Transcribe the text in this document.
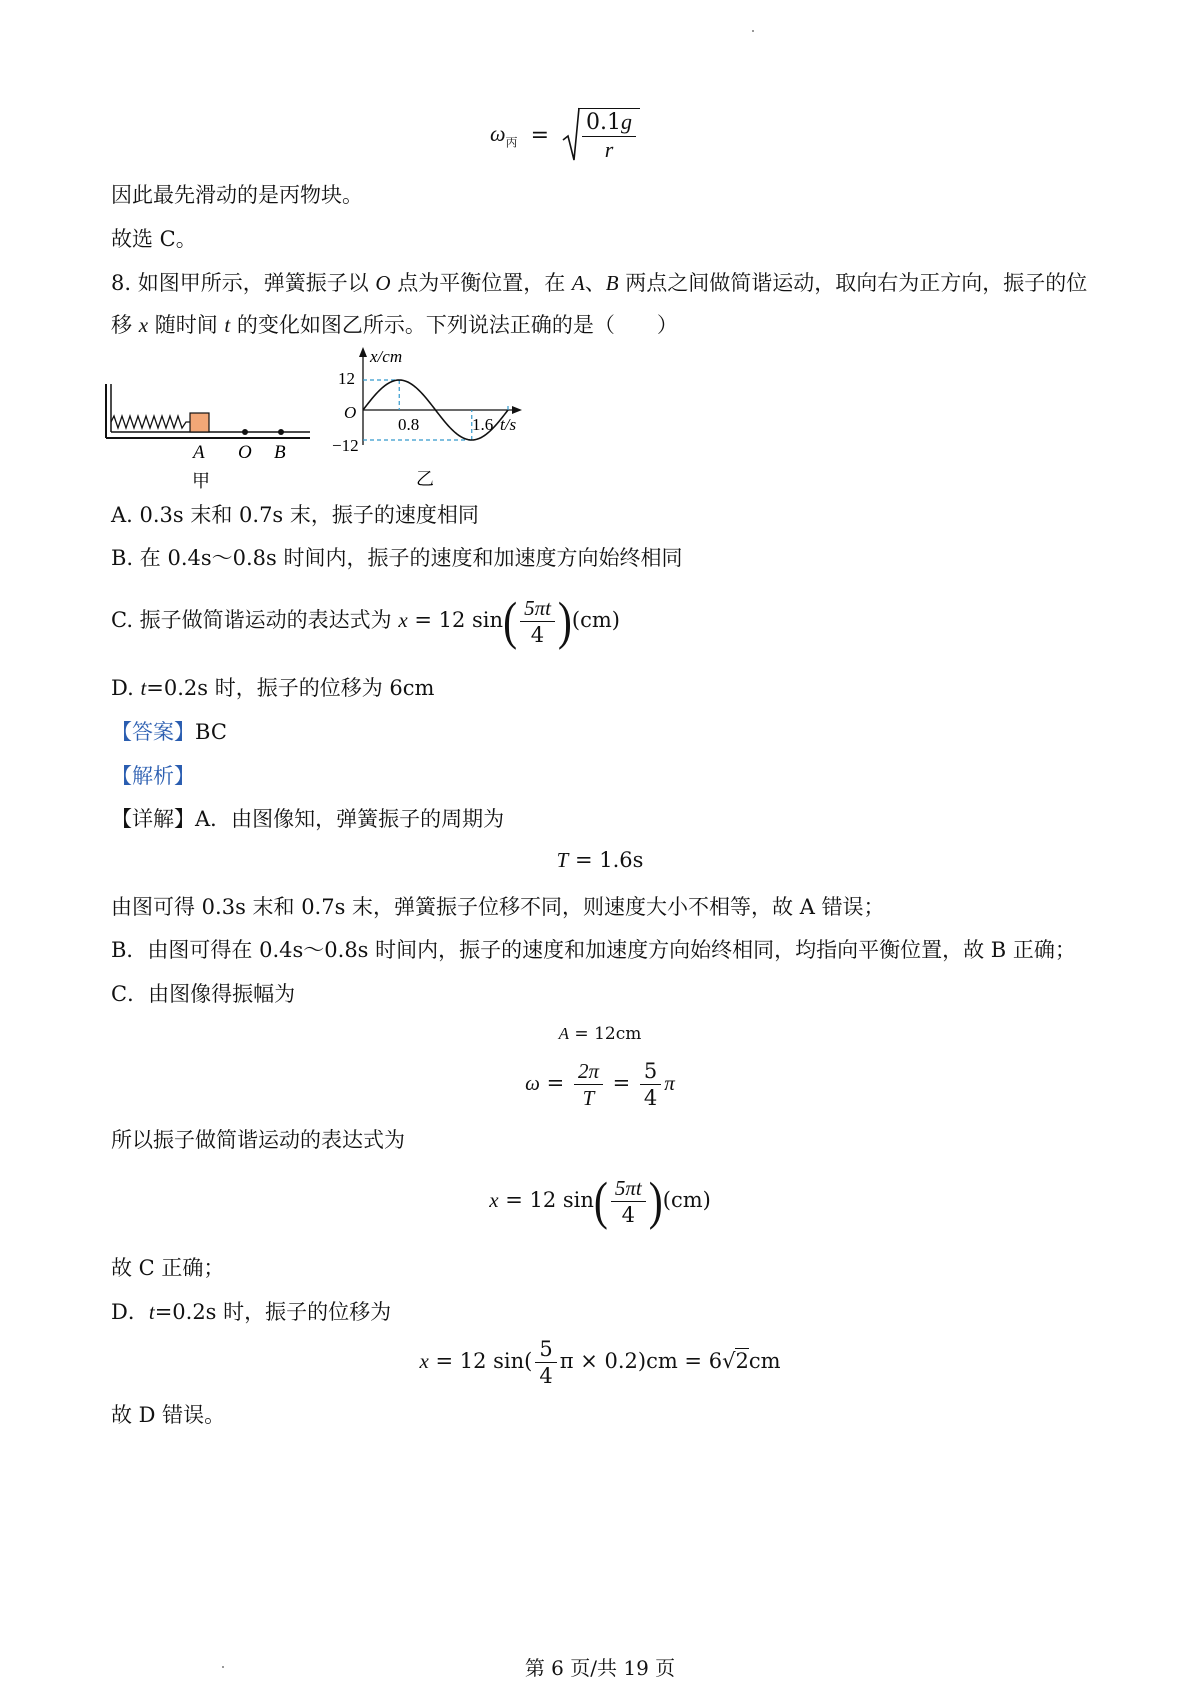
$\omega_丙 = \frac{0.1g}{r}$
因此最先滑动的是丙物块。
故选 C。
8. 如图甲所示，弹簧振子以 O 点为平衡位置，在 A、B 两点之间做简谐运动，取向右为正方向，振子的位
移 x 随时间 t 的变化如图乙所示。下列说法正确的是（　　）
A O B
甲
x/cm
12
O
−12
0.8	1.6 t/s
乙
A. 0.3s 末和 0.7s 末，振子的速度相同
B. 在 0.4s～0.8s 时间内，振子的速度和加速度方向始终相同
C. 振子做简谐运动的表达式为 x = 12 $\sin( \frac{5\pi t}{4} )(cm)$
D. t=0.2s 时，振子的位移为 6cm
【答案】BC
【解析】
【详解】A．由图像知，弹簧振子的周期为
T = 1.6s
由图可得 0.3s 末和 0.7s 末，弹簧振子位移不同，则速度大小不相等，故 A 错误；
B．由图可得在 0.4s～0.8s 时间内，振子的速度和加速度方向始终相同，均指向平衡位置，故 B 正确；
C．由图像得振幅为
A = 12cm
$\omega = \frac{2\pi}{T} = \frac{5}{4}$ π
所以振子做简谐运动的表达式为
x = 12 $\sin( \frac{5\pi t}{4} )(cm)$
故 C 正确；
D．t=0.2s 时，振子的位移为
x = 12 $\sin( \frac{5}{4}$ π × 0.2)cm = 6√2cm
故 D 错误。
第 6 页/共 19 页
